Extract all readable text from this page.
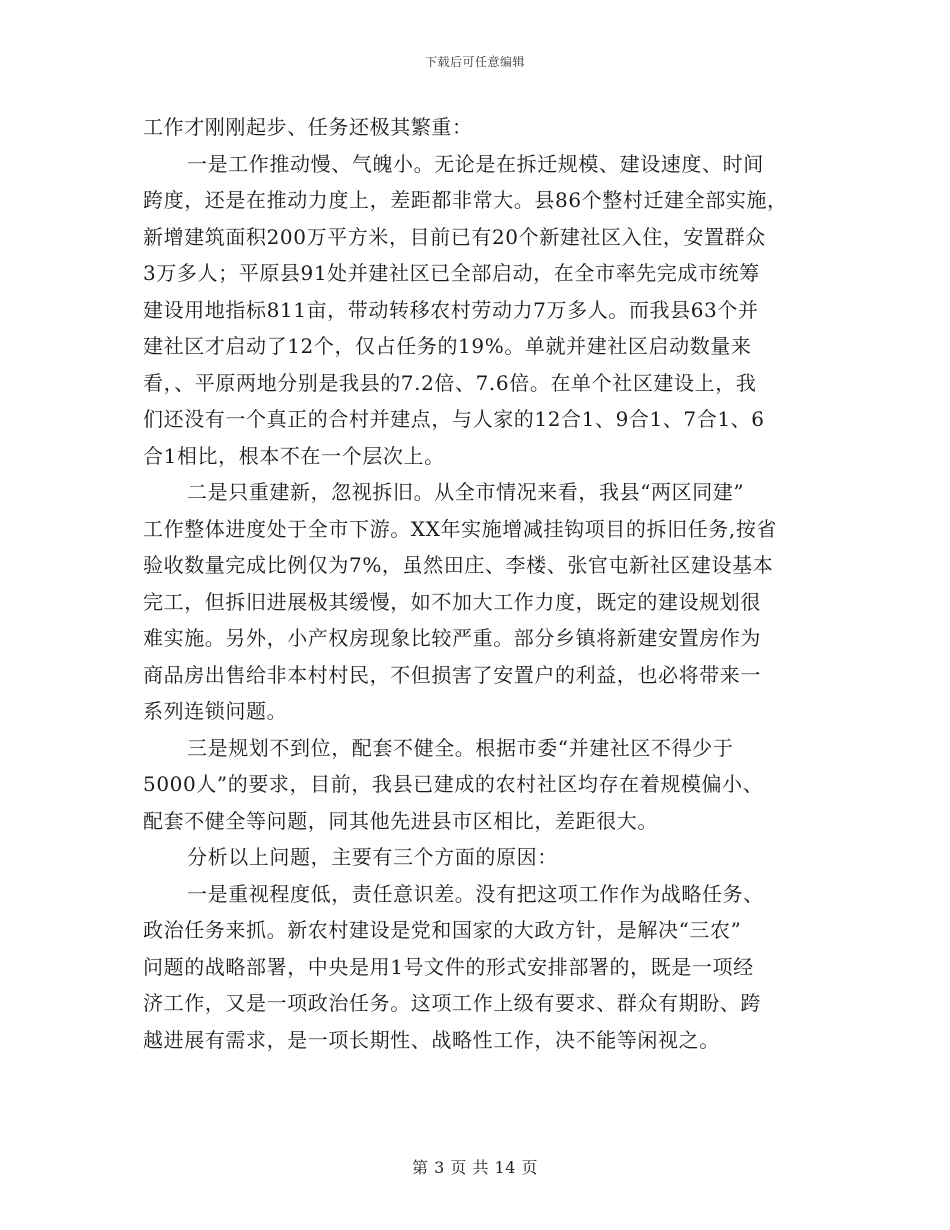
下载后可任意编辑
工作才刚刚起步、任务还极其繁重：
一是工作推动慢、气魄小。无论是在拆迁规模、建设速度、时间
跨度，还是在推动力度上，差距都非常大。县86个整村迁建全部实施，
新增建筑面积200万平方米，目前已有20个新建社区入住，安置群众
3万多人；平原县91处并建社区已全部启动，在全市率先完成市统筹
建设用地指标811亩，带动转移农村劳动力7万多人。而我县63个并
建社区才启动了12个，仅占任务的19%。单就并建社区启动数量来
看，、平原两地分别是我县的7.2倍、7.6倍。在单个社区建设上，我
们还没有一个真正的合村并建点，与人家的12合1、9合1、7合1、6
合1相比，根本不在一个层次上。
二是只重建新，忽视拆旧。从全市情况来看，我县“两区同建”
工作整体进度处于全市下游。XX年实施增减挂钩项目的拆旧任务,按省
验收数量完成比例仅为7%，虽然田庄、李楼、张官屯新社区建设基本
完工，但拆旧进展极其缓慢，如不加大工作力度，既定的建设规划很
难实施。另外，小产权房现象比较严重。部分乡镇将新建安置房作为
商品房出售给非本村村民，不但损害了安置户的利益，也必将带来一
系列连锁问题。
三是规划不到位，配套不健全。根据市委“并建社区不得少于
5000人”的要求，目前，我县已建成的农村社区均存在着规模偏小、
配套不健全等问题，同其他先进县市区相比，差距很大。
分析以上问题，主要有三个方面的原因：
一是重视程度低，责任意识差。没有把这项工作作为战略任务、
政治任务来抓。新农村建设是党和国家的大政方针，是解决“三农”
问题的战略部署，中央是用1号文件的形式安排部署的，既是一项经
济工作，又是一项政治任务。这项工作上级有要求、群众有期盼、跨
越进展有需求，是一项长期性、战略性工作，决不能等闲视之。
第 3 页 共 14 页
